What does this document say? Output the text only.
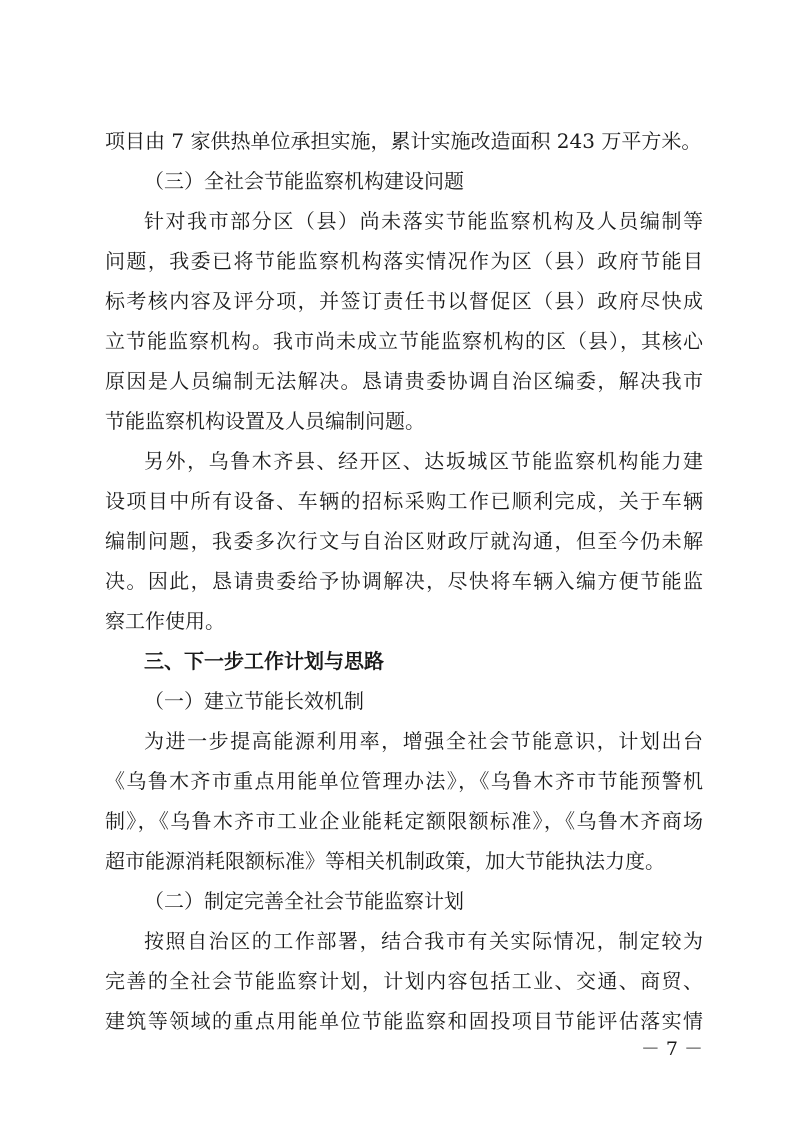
项目由 7 家供热单位承担实施，累计实施改造面积 243 万平方米。
（三）全社会节能监察机构建设问题
针对我市部分区（县）尚未落实节能监察机构及人员编制等
问题，我委已将节能监察机构落实情况作为区（县）政府节能目
标考核内容及评分项，并签订责任书以督促区（县）政府尽快成
立节能监察机构。我市尚未成立节能监察机构的区（县），其核心
原因是人员编制无法解决。恳请贵委协调自治区编委，解决我市
节能监察机构设置及人员编制问题。
另外，乌鲁木齐县、经开区、达坂城区节能监察机构能力建
设项目中所有设备、车辆的招标采购工作已顺利完成，关于车辆
编制问题，我委多次行文与自治区财政厅就沟通，但至今仍未解
决。因此，恳请贵委给予协调解决，尽快将车辆入编方便节能监
察工作使用。
三、下一步工作计划与思路
（一）建立节能长效机制
为进一步提高能源利用率，增强全社会节能意识，计划出台
《乌鲁木齐市重点用能单位管理办法》，《乌鲁木齐市节能预警机
制》，《乌鲁木齐市工业企业能耗定额限额标准》，《乌鲁木齐商场
超市能源消耗限额标准》等相关机制政策，加大节能执法力度。
（二）制定完善全社会节能监察计划
按照自治区的工作部署，结合我市有关实际情况，制定较为
完善的全社会节能监察计划，计划内容包括工业、交通、商贸、
建筑等领域的重点用能单位节能监察和固投项目节能评估落实情
－ 7 －
